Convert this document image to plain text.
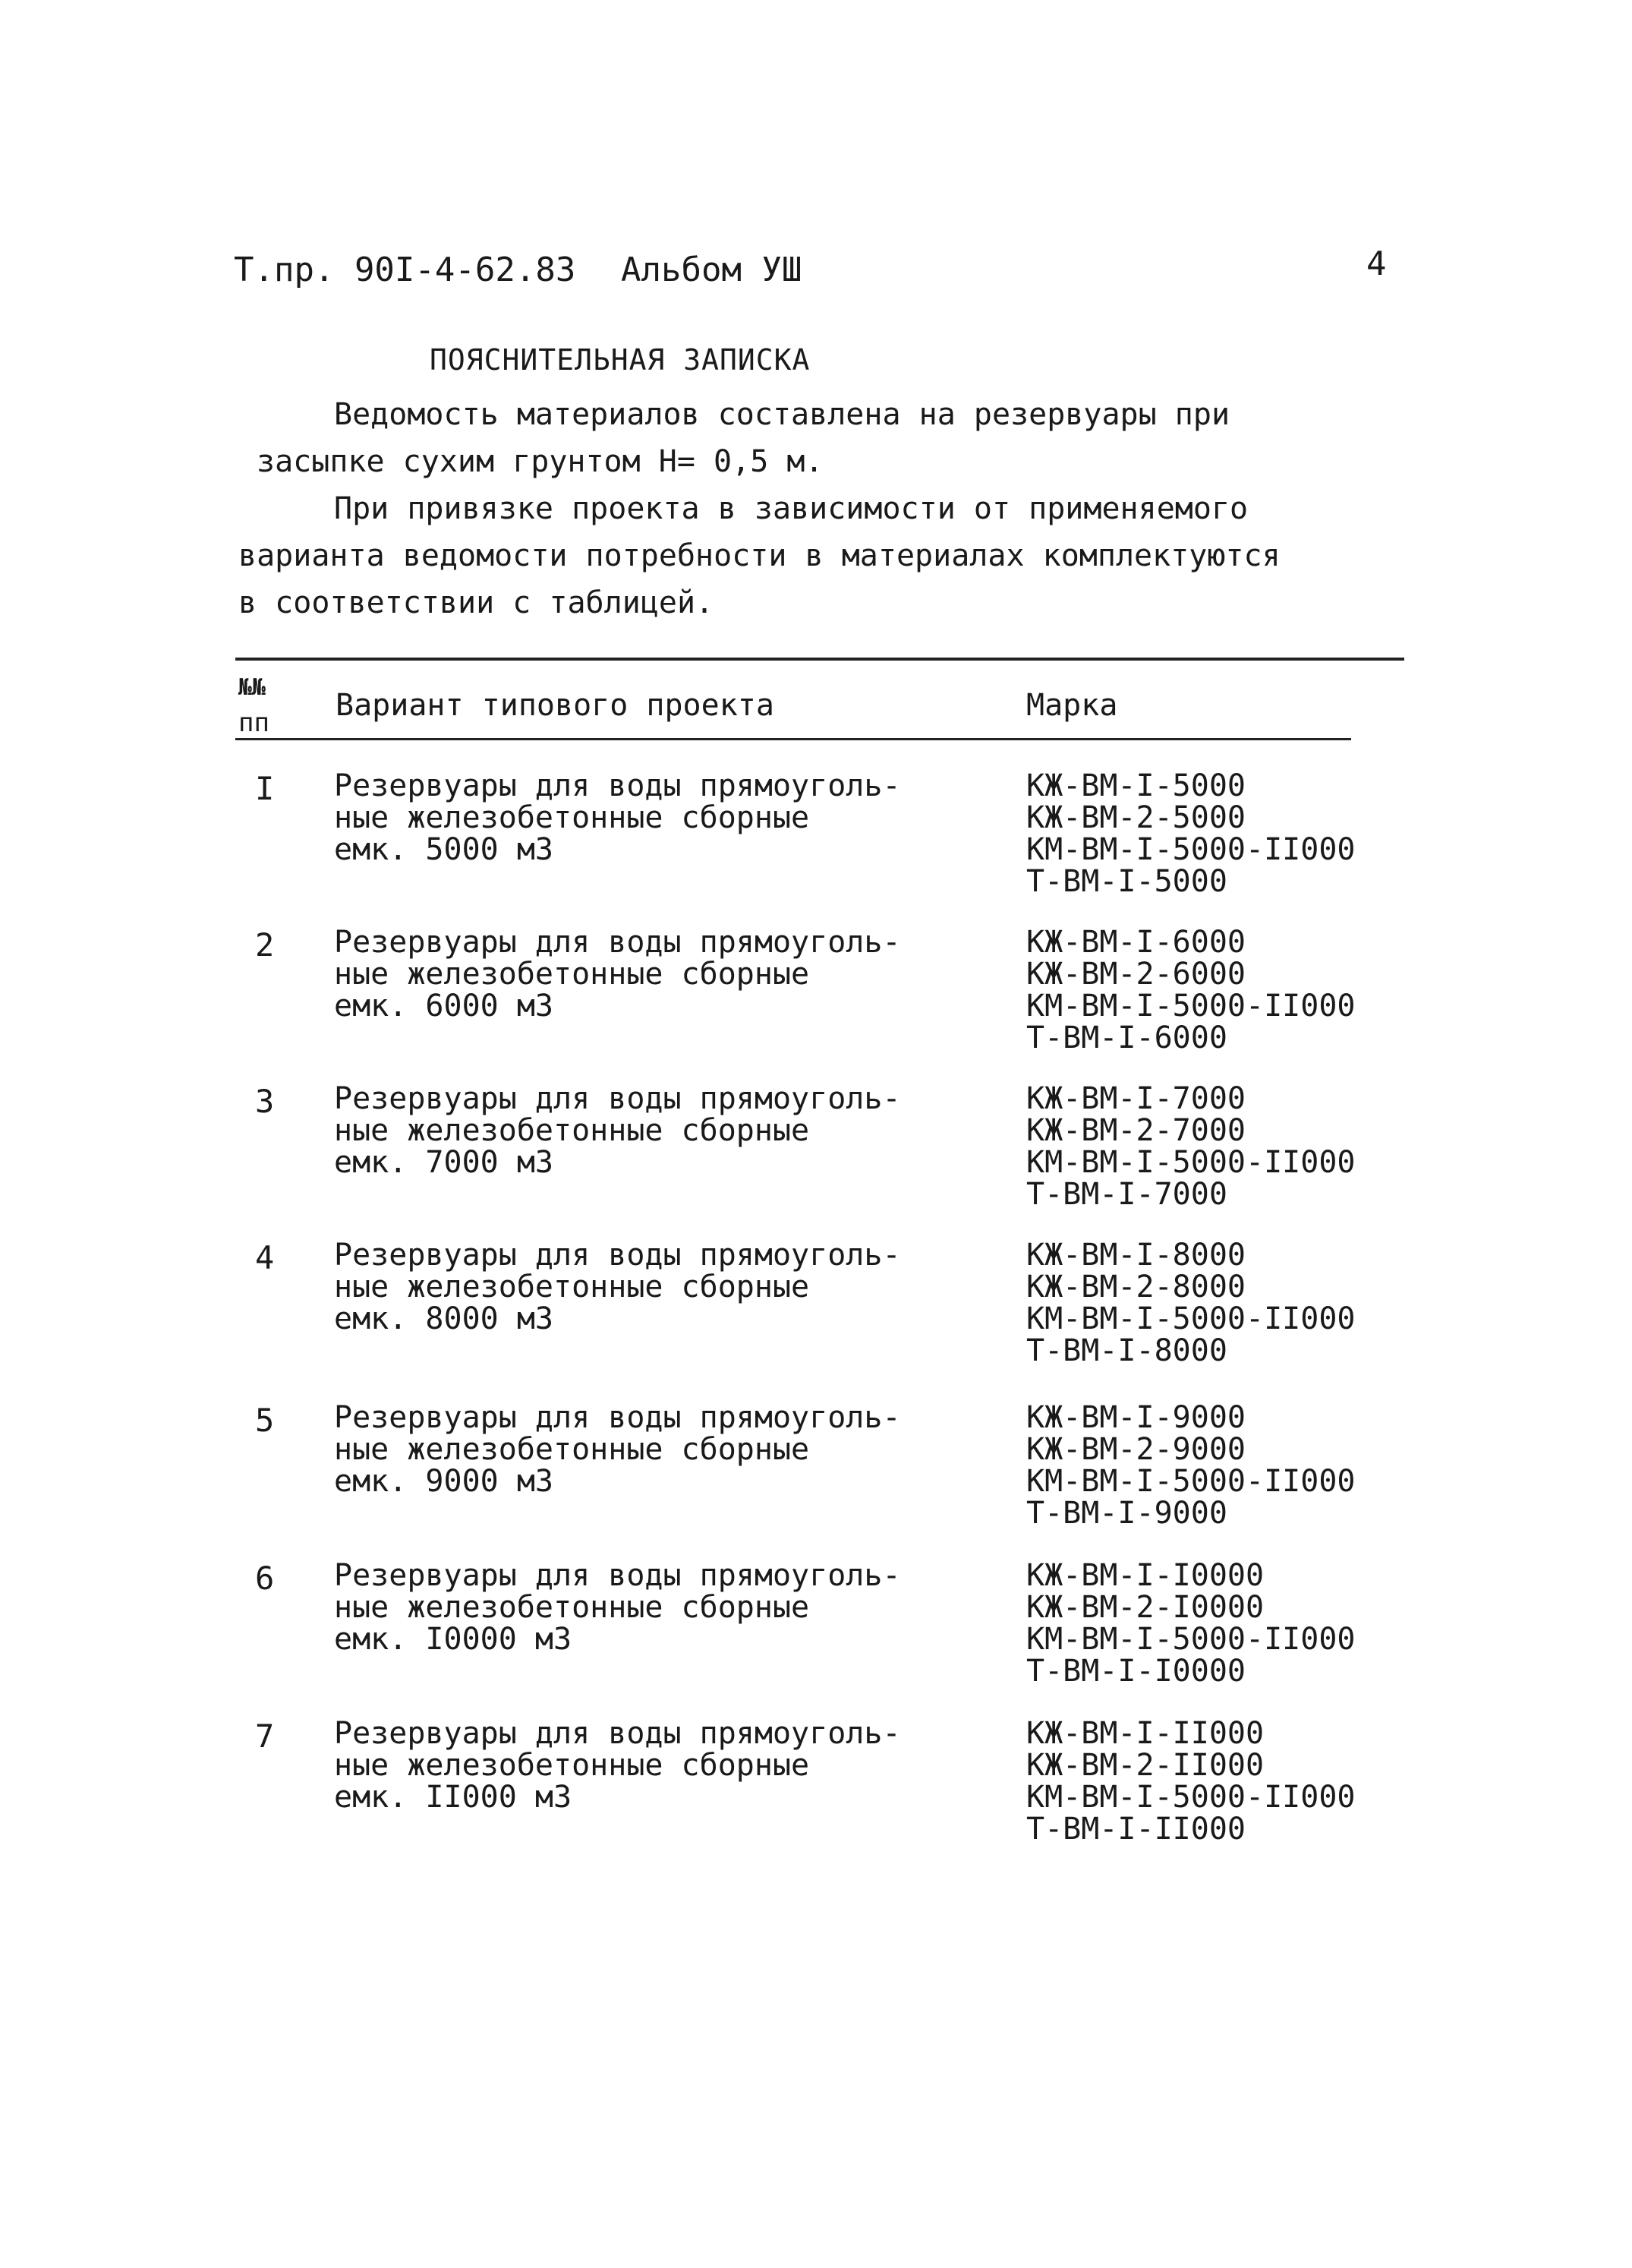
Т.пр. 90I-4-62.83 Альбом УШ	4
ПОЯСНИТЕЛЬНАЯ ЗАПИСКА
Ведомость материалов составлена на резервуары при
засыпке сухим грунтом Н= 0,5 м.
При привязке проекта в зависимости от применяемого
варианта ведомости потребности в материалах комплектуются
в соответствии с таблицей.
№№
пп Вариант типового проекта	Марка
I Резервуары для воды прямоуголь-
ные железобетонные сборные
емк. 5000 м3
КЖ-ВМ-I-5000
КЖ-ВМ-2-5000
КМ-ВМ-I-5000-II000
Т-ВМ-I-5000
2 Резервуары для воды прямоуголь-
ные железобетонные сборные
емк. 6000 м3
КЖ-ВМ-I-6000
КЖ-ВМ-2-6000
КМ-ВМ-I-5000-II000
Т-ВМ-I-6000
3 Резервуары для воды прямоуголь-
ные железобетонные сборные
емк. 7000 м3
КЖ-ВМ-I-7000
КЖ-ВМ-2-7000
КМ-ВМ-I-5000-II000
Т-ВМ-I-7000
4 Резервуары для воды прямоуголь-
ные железобетонные сборные
емк. 8000 м3
КЖ-ВМ-I-8000
КЖ-ВМ-2-8000
КМ-ВМ-I-5000-II000
Т-ВМ-I-8000
5 Резервуары для воды прямоуголь-
ные железобетонные сборные
емк. 9000 м3
КЖ-ВМ-I-9000
КЖ-ВМ-2-9000
КМ-ВМ-I-5000-II000
Т-ВМ-I-9000
6 Резервуары для воды прямоуголь-
ные железобетонные сборные
емк. I0000 м3
КЖ-ВМ-I-I0000
КЖ-ВМ-2-I0000
КМ-ВМ-I-5000-II000
Т-ВМ-I-I0000
7 Резервуары для воды прямоуголь-
ные железобетонные сборные
емк. II000 м3
КЖ-ВМ-I-II000
КЖ-ВМ-2-II000
КМ-ВМ-I-5000-II000
Т-ВМ-I-II000
